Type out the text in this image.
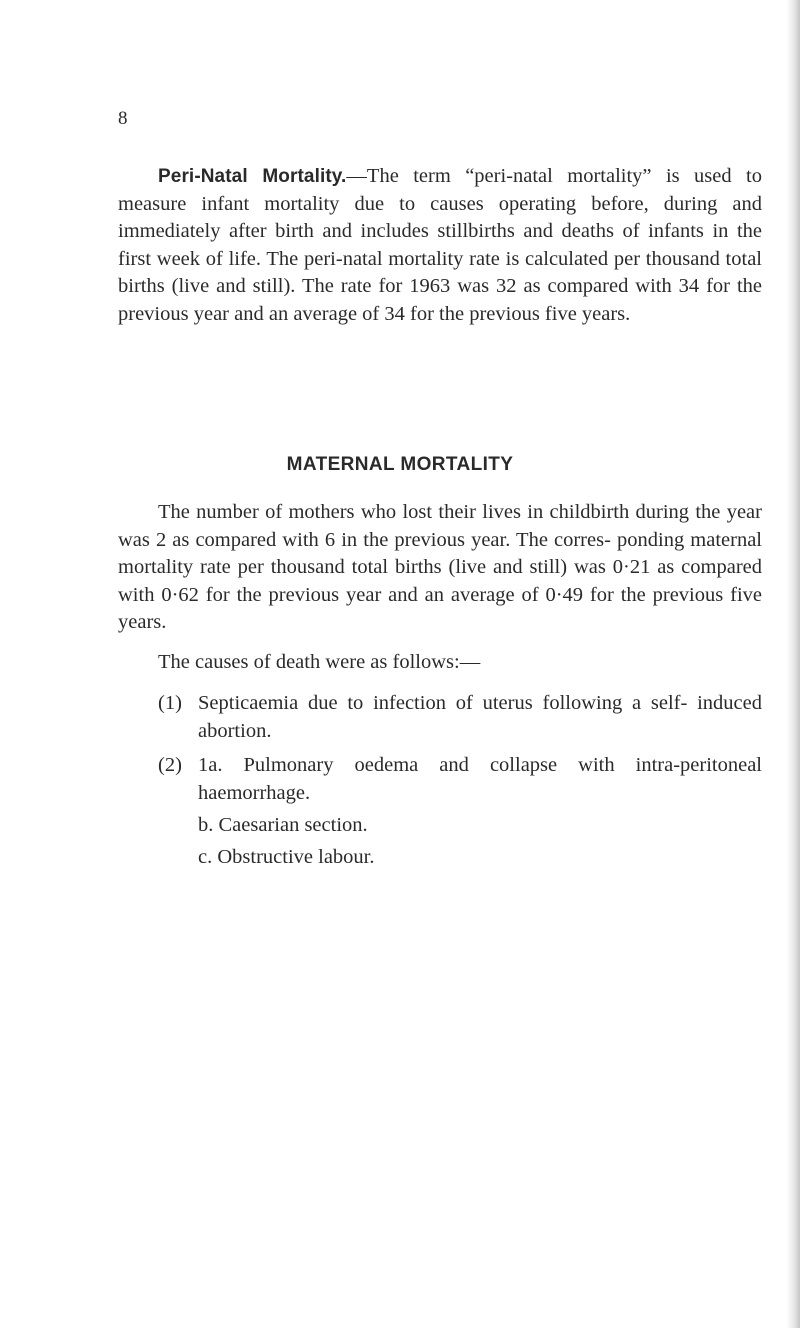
8

Peri-Natal Mortality.—The term “peri-natal mortality” is used to measure infant mortality due to causes operating before, during and immediately after birth and includes stillbirths and deaths of infants in the first week of life. The peri-natal mortality rate is calculated per thousand total births (live and still). The rate for 1963 was 32 as compared with 34 for the previous year and an average of 34 for the previous five years.

MATERNAL MORTALITY

The number of mothers who lost their lives in childbirth during the year was 2 as compared with 6 in the previous year. The corres- ponding maternal mortality rate per thousand total births (live and still) was 0·21 as compared with 0·62 for the previous year and an average of 0·49 for the previous five years.

The causes of death were as follows:—

(1) Septicaemia due to infection of uterus following a self- induced abortion.
(2) 1a. Pulmonary oedema and collapse with intra-peritoneal haemorrhage.
b. Caesarian section.
c. Obstructive labour.
